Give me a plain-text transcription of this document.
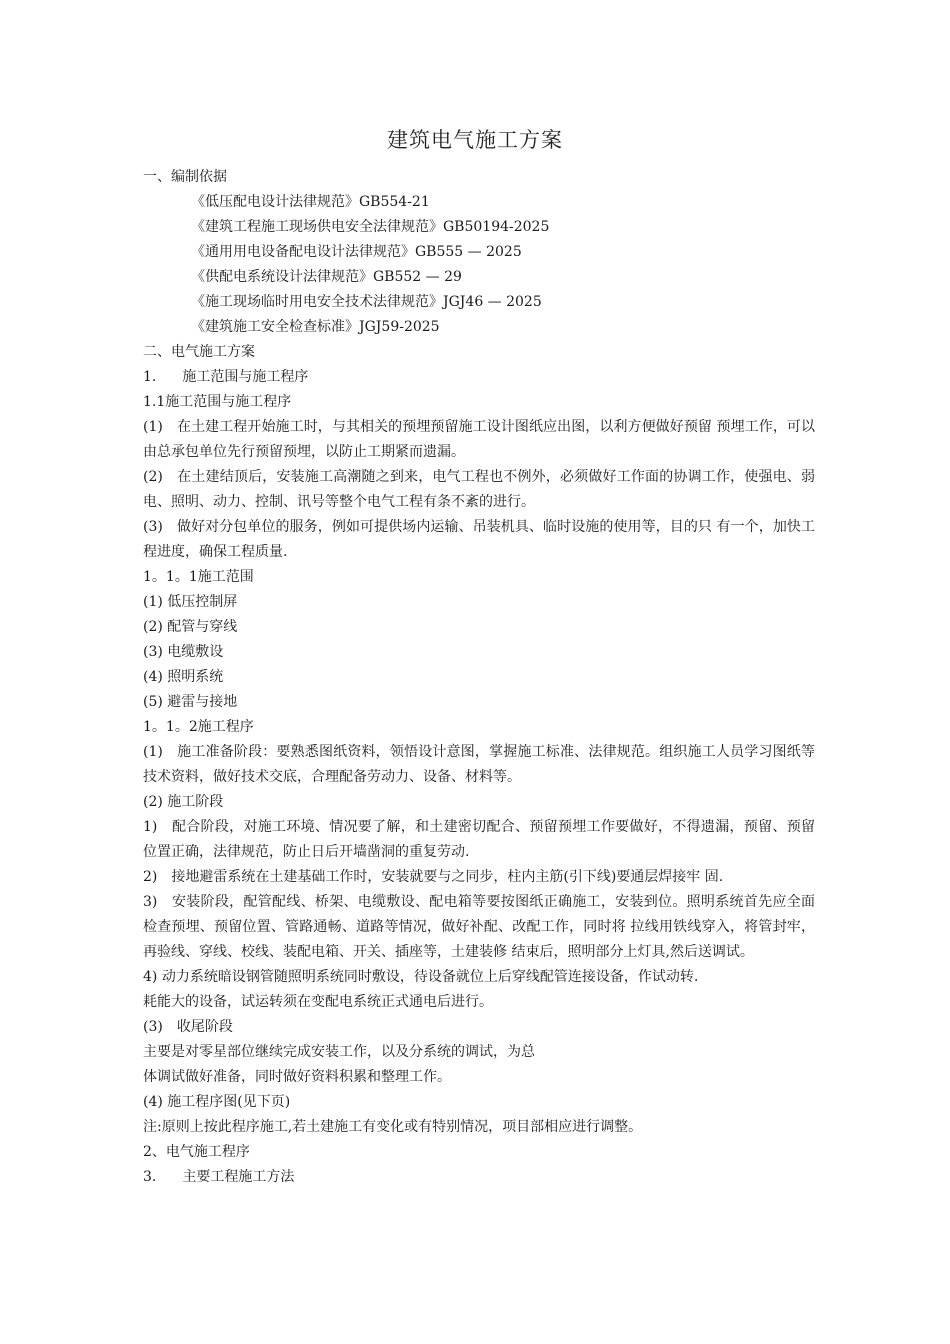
建筑电气施工方案
一、编制依据
《低压配电设计法律规范》GB554-21
《建筑工程施工现场供电安全法律规范》GB50194-2025
《通用用电设备配电设计法律规范》GB555 — 2025
《供配电系统设计法律规范》GB552 — 29
《施工现场临时用电安全技术法律规范》JGJ46 — 2025
《建筑施工安全检查标准》JGJ59-2025
二、电气施工方案
1. 施工范围与施工程序
1.1施工范围与施工程序
(1)　在土建工程开始施工时，与其相关的预埋预留施工设计图纸应出图，以利方便做好预留 预埋工作，可以由总承包单位先行预留预埋，以防止工期紧而遗漏。
(2)　在土建结顶后，安装施工高潮随之到来，电气工程也不例外，必须做好工作面的协调工作，使强电、弱电、照明、动力、控制、讯号等整个电气工程有条不紊的进行。
(3)　做好对分包单位的服务，例如可提供场内运输、吊装机具、临时设施的使用等，目的只 有一个，加快工程进度，确保工程质量.
1。1。1施工范围
(1) 低压控制屏
(2) 配管与穿线
(3) 电缆敷设
(4) 照明系统
(5) 避雷与接地
1。1。2施工程序
(1)　施工准备阶段：要熟悉图纸资料，领悟设计意图，掌握施工标准、法律规范。组织施工人员学习图纸等技术资料，做好技术交底，合理配备劳动力、设备、材料等。
(2) 施工阶段
1)　配合阶段，对施工环境、情况要了解，和土建密切配合、预留预埋工作要做好，不得遗漏，预留、预留位置正确，法律规范，防止日后开墙凿洞的重复劳动.
2)　接地避雷系统在土建基础工作时，安装就要与之同步，柱内主筋(引下线)要通层焊接牢 固.
3)　安装阶段，配管配线、桥架、电缆敷设、配电箱等要按图纸正确施工，安装到位。照明系统首先应全面检查预埋、预留位置、管路通畅、道路等情况，做好补配、改配工作，同时将 拉线用铁线穿入，将管封牢，再验线、穿线、校线、装配电箱、开关、插座等，土建装修 结束后，照明部分上灯具,然后送调试。
4) 动力系统暗设钢管随照明系统同时敷设，待设备就位上后穿线配管连接设备，作试动转.
耗能大的设备，试运转须在变配电系统正式通电后进行。
(3)　收尾阶段
主要是对零星部位继续完成安装工作，以及分系统的调试，为总
体调试做好准备，同时做好资料积累和整理工作。
(4) 施工程序图(见下页)
注:原则上按此程序施工,若土建施工有变化或有特别情况，项目部相应进行调整。
2、电气施工程序
3. 主要工程施工方法
